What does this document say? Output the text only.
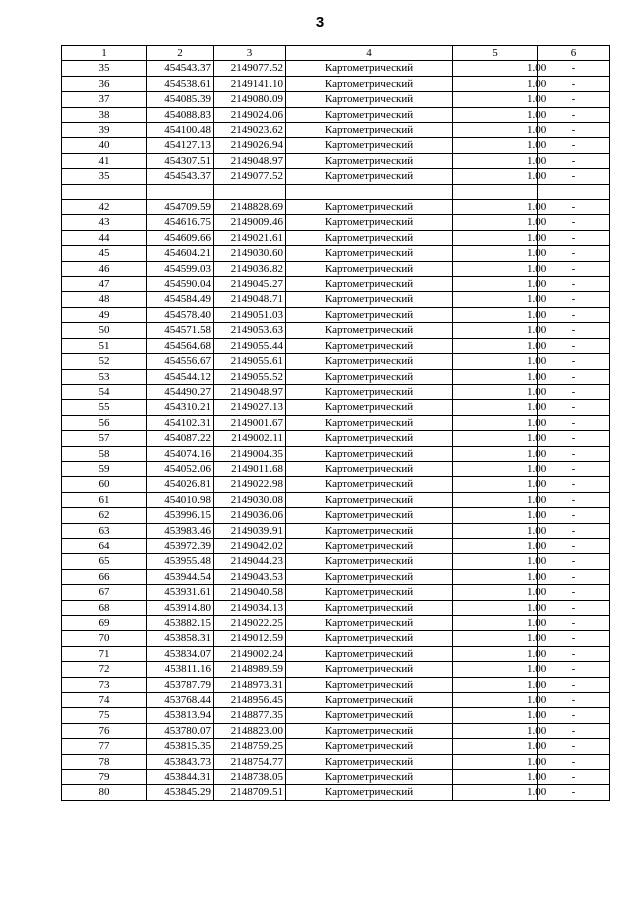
3
1	2	3	4	5	6
35	454543.37	2149077.52	Картометрический	1.00	-
36	454538.61	2149141.10	Картометрический	1.00	-
37	454085.39	2149080.09	Картометрический	1.00	-
38	454088.83	2149024.06	Картометрический	1.00	-
39	454100.48	2149023.62	Картометрический	1.00	-
40	454127.13	2149026.94	Картометрический	1.00	-
41	454307.51	2149048.97	Картометрический	1.00	-
35	454543.37	2149077.52	Картометрический	1.00	-

42	454709.59	2148828.69	Картометрический	1.00	-
43	454616.75	2149009.46	Картометрический	1.00	-
44	454609.66	2149021.61	Картометрический	1.00	-
45	454604.21	2149030.60	Картометрический	1.00	-
46	454599.03	2149036.82	Картометрический	1.00	-
47	454590.04	2149045.27	Картометрический	1.00	-
48	454584.49	2149048.71	Картометрический	1.00	-
49	454578.40	2149051.03	Картометрический	1.00	-
50	454571.58	2149053.63	Картометрический	1.00	-
51	454564.68	2149055.44	Картометрический	1.00	-
52	454556.67	2149055.61	Картометрический	1.00	-
53	454544.12	2149055.52	Картометрический	1.00	-
54	454490.27	2149048.97	Картометрический	1.00	-
55	454310.21	2149027.13	Картометрический	1.00	-
56	454102.31	2149001.67	Картометрический	1.00	-
57	454087.22	2149002.11	Картометрический	1.00	-
58	454074.16	2149004.35	Картометрический	1.00	-
59	454052.06	2149011.68	Картометрический	1.00	-
60	454026.81	2149022.98	Картометрический	1.00	-
61	454010.98	2149030.08	Картометрический	1.00	-
62	453996.15	2149036.06	Картометрический	1.00	-
63	453983.46	2149039.91	Картометрический	1.00	-
64	453972.39	2149042.02	Картометрический	1.00	-
65	453955.48	2149044.23	Картометрический	1.00	-
66	453944.54	2149043.53	Картометрический	1.00	-
67	453931.61	2149040.58	Картометрический	1.00	-
68	453914.80	2149034.13	Картометрический	1.00	-
69	453882.15	2149022.25	Картометрический	1.00	-
70	453858.31	2149012.59	Картометрический	1.00	-
71	453834.07	2149002.24	Картометрический	1.00	-
72	453811.16	2148989.59	Картометрический	1.00	-
73	453787.79	2148973.31	Картометрический	1.00	-
74	453768.44	2148956.45	Картометрический	1.00	-
75	453813.94	2148877.35	Картометрический	1.00	-
76	453780.07	2148823.00	Картометрический	1.00	-
77	453815.35	2148759.25	Картометрический	1.00	-
78	453843.73	2148754.77	Картометрический	1.00	-
79	453844.31	2148738.05	Картометрический	1.00	-
80	453845.29	2148709.51	Картометрический	1.00	-
